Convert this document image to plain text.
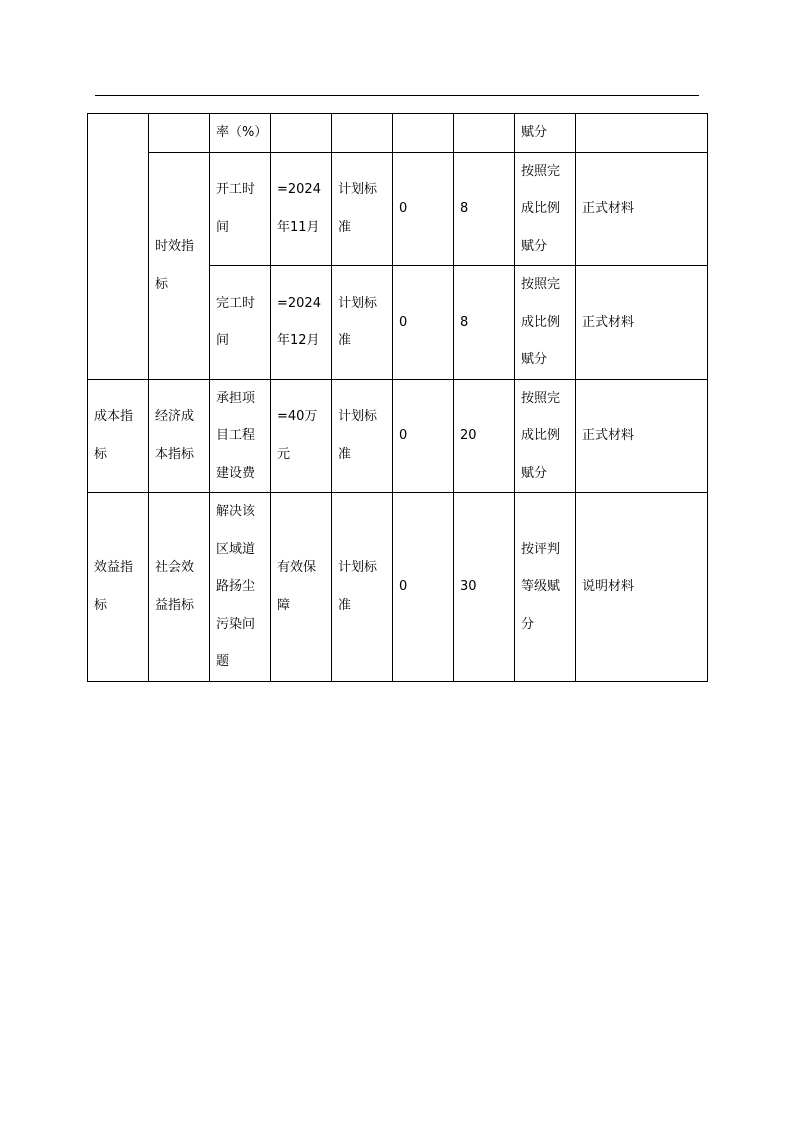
		率（%）					赋分	
	时效指标	开工时间	=2024年11月	计划标准	0	8	按照完成比例赋分	正式材料
		完工时间	=2024年12月	计划标准	0	8	按照完成比例赋分	正式材料
成本指标	经济成本指标	承担项目工程建设费	=40万元	计划标准	0	20	按照完成比例赋分	正式材料
效益指标	社会效益指标	解决该区域道路扬尘污染问题	有效保障	计划标准	0	30	按评判等级赋分	说明材料
